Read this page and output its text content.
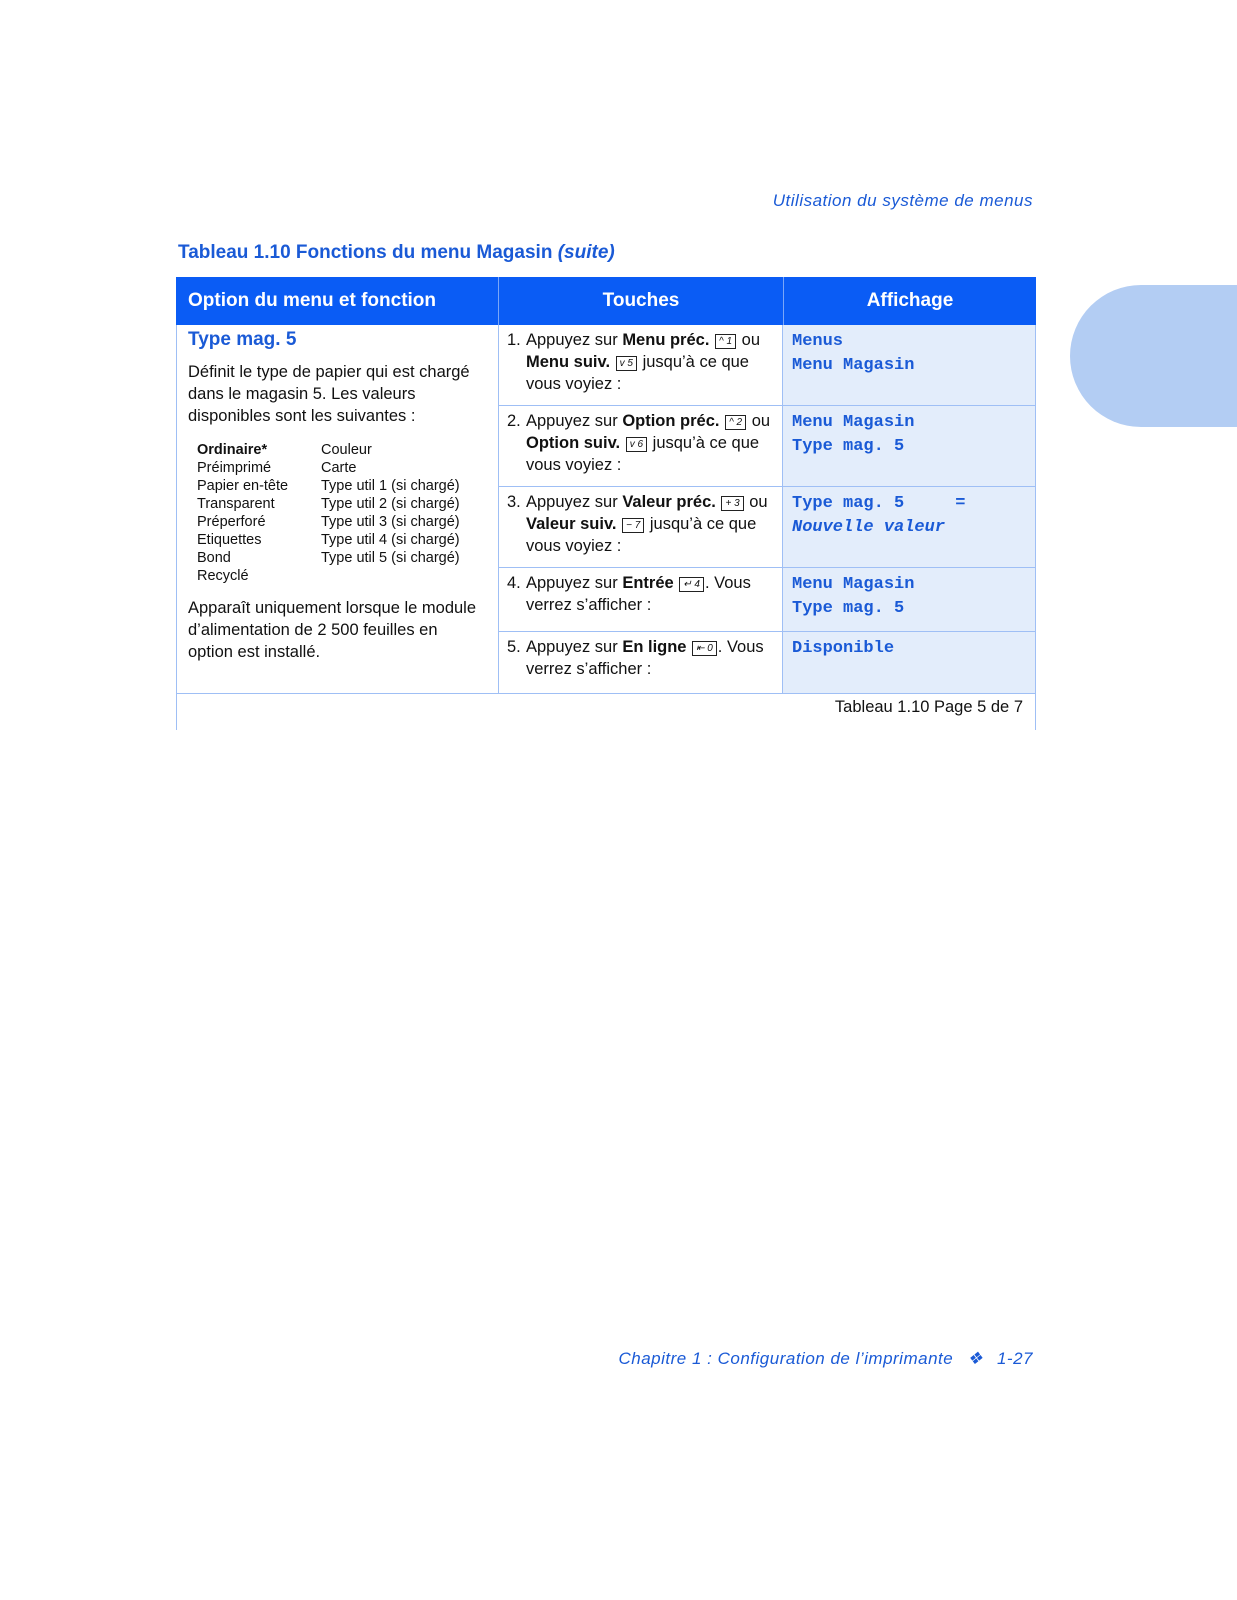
Utilisation du système de menus
Tableau 1.10 Fonctions du menu Magasin (suite)
Option du menu et fonction	Touches	Affichage

Type mag. 5

Définit le type de papier qui est chargé dans le magasin 5. Les valeurs disponibles sont les suivantes :

Ordinaire*	Couleur
Préimprimé	Carte
Papier en-tête	Type util 1 (si chargé)
Transparent	Type util 2 (si chargé)
Préperforé	Type util 3 (si chargé)
Etiquettes	Type util 4 (si chargé)
Bond	Type util 5 (si chargé)
Recyclé

Apparaît uniquement lorsque le module d’alimentation de 2 500 feuilles en option est installé.

1. Appuyez sur Menu préc. ^ 1 ou Menu suiv. v 5 jusqu’à ce que vous voyiez :
Menus
Menu Magasin
2. Appuyez sur Option préc. ^ 2 ou Option suiv. v 6 jusqu’à ce que vous voyiez :
Menu Magasin
Type mag. 5
3. Appuyez sur Valeur préc. + 3 ou Valeur suiv. − 7 jusqu’à ce que vous voyiez :
Type mag. 5     =
Nouvelle valeur
4. Appuyez sur Entrée ↵ 4 . Vous verrez s’afficher :
Menu Magasin
Type mag. 5
5. Appuyez sur En ligne ⇤ 0 . Vous verrez s’afficher :
Disponible
Tableau 1.10 Page 5 de 7
Chapitre 1 : Configuration de l’imprimante ❖ 1-27
